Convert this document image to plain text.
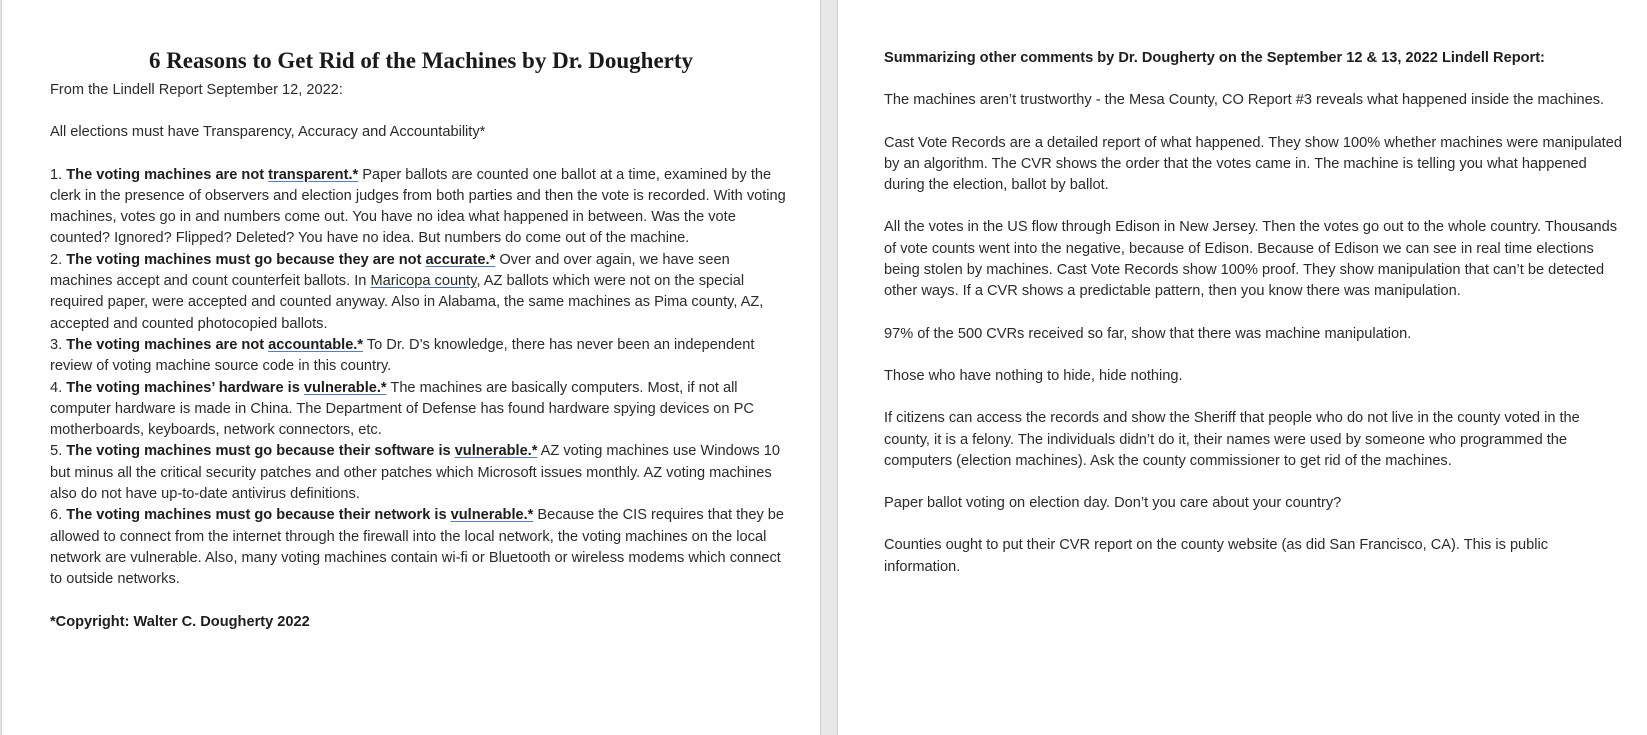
6 Reasons to Get Rid of the Machines by Dr. Dougherty

From the Lindell Report September 12, 2022:

All elections must have Transparency, Accuracy and Accountability*

1. The voting machines are not transparent.* Paper ballots are counted one ballot at a time, examined by the clerk in the presence of observers and election judges from both parties and then the vote is recorded. With voting machines, votes go in and numbers come out. You have no idea what happened in between. Was the vote counted? Ignored? Flipped? Deleted? You have no idea. But numbers do come out of the machine.

2. The voting machines must go because they are not accurate.* Over and over again, we have seen machines accept and count counterfeit ballots. In Maricopa county, AZ ballots which were not on the special required paper, were accepted and counted anyway. Also in Alabama, the same machines as Pima county, AZ, accepted and counted photocopied ballots.

3. The voting machines are not accountable.* To Dr. D’s knowledge, there has never been an independent review of voting machine source code in this country.

4. The voting machines’ hardware is vulnerable.* The machines are basically computers. Most, if not all computer hardware is made in China. The Department of Defense has found hardware spying devices on PC motherboards, keyboards, network connectors, etc.

5. The voting machines must go because their software is vulnerable.* AZ voting machines use Windows 10 but minus all the critical security patches and other patches which Microsoft issues monthly. AZ voting machines also do not have up-to-date antivirus definitions.

6. The voting machines must go because their network is vulnerable.* Because the CIS requires that they be allowed to connect from the internet through the firewall into the local network, the voting machines on the local network are vulnerable. Also, many voting machines contain wi-fi or Bluetooth or wireless modems which connect to outside networks.

*Copyright: Walter C. Dougherty 2022

Summarizing other comments by Dr. Dougherty on the September 12 & 13, 2022 Lindell Report:

The machines aren’t trustworthy - the Mesa County, CO Report #3 reveals what happened inside the machines.

Cast Vote Records are a detailed report of what happened. They show 100% whether machines were manipulated by an algorithm. The CVR shows the order that the votes came in. The machine is telling you what happened during the election, ballot by ballot.

All the votes in the US flow through Edison in New Jersey. Then the votes go out to the whole country. Thousands of vote counts went into the negative, because of Edison. Because of Edison we can see in real time elections being stolen by machines. Cast Vote Records show 100% proof. They show manipulation that can’t be detected other ways. If a CVR shows a predictable pattern, then you know there was manipulation.

97% of the 500 CVRs received so far, show that there was machine manipulation.

Those who have nothing to hide, hide nothing.

If citizens can access the records and show the Sheriff that people who do not live in the county voted in the county, it is a felony. The individuals didn’t do it, their names were used by someone who programmed the computers (election machines). Ask the county commissioner to get rid of the machines.

Paper ballot voting on election day. Don’t you care about your country?

Counties ought to put their CVR report on the county website (as did San Francisco, CA). This is public information.
